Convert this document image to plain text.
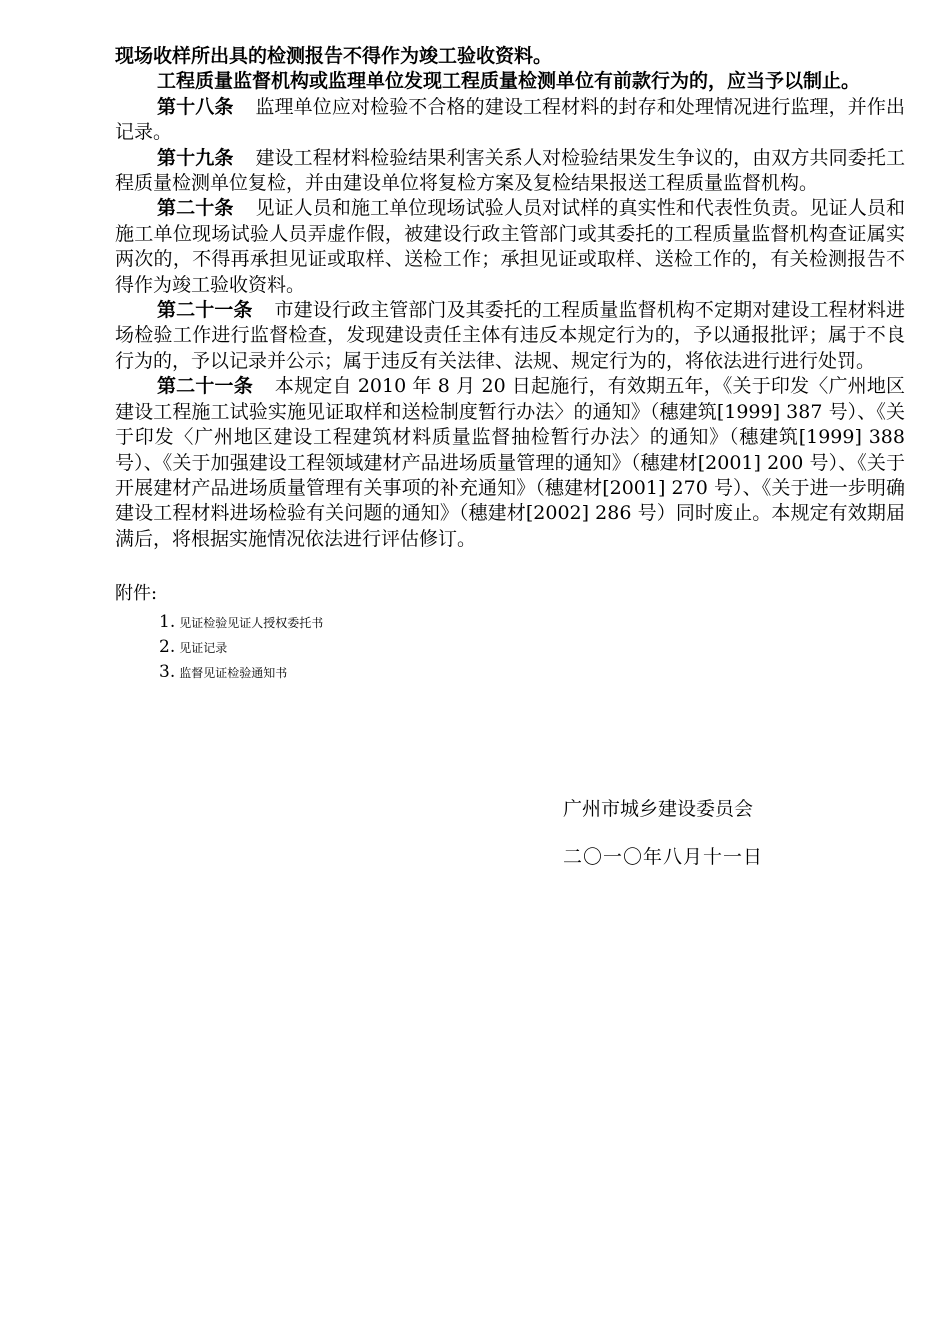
现场收样所出具的检测报告不得作为竣工验收资料。

工程质量监督机构或监理单位发现工程质量检测单位有前款行为的，应当予以制止。

第十八条 监理单位应对检验不合格的建设工程材料的封存和处理情况进行监理，并作出记录。

第十九条 建设工程材料检验结果利害关系人对检验结果发生争议的，由双方共同委托工程质量检测单位复检，并由建设单位将复检方案及复检结果报送工程质量监督机构。

第二十条 见证人员和施工单位现场试验人员对试样的真实性和代表性负责。见证人员和施工单位现场试验人员弄虚作假，被建设行政主管部门或其委托的工程质量监督机构查证属实两次的，不得再承担见证或取样、送检工作；承担见证或取样、送检工作的，有关检测报告不得作为竣工验收资料。

第二十一条 市建设行政主管部门及其委托的工程质量监督机构不定期对建设工程材料进场检验工作进行监督检查，发现建设责任主体有违反本规定行为的，予以通报批评；属于不良行为的，予以记录并公示；属于违反有关法律、法规、规定行为的，将依法进行进行处罚。

第二十一条 本规定自 2010 年 8 月 20 日起施行，有效期五年，《关于印发〈广州地区建设工程施工试验实施见证取样和送检制度暂行办法〉的通知》（穗建筑[1999] 387 号）、《关于印发〈广州地区建设工程建筑材料质量监督抽检暂行办法〉的通知》（穗建筑[1999] 388 号）、《关于加强建设工程领域建材产品进场质量管理的通知》（穗建材[2001] 200 号）、《关于开展建材产品进场质量管理有关事项的补充通知》（穗建材[2001] 270 号）、《关于进一步明确建设工程材料进场检验有关问题的通知》（穗建材[2002] 286 号）同时废止。本规定有效期届满后，将根据实施情况依法进行评估修订。

附件:
1. 见证检验见证人授权委托书
2. 见证记录
3. 监督见证检验通知书
广州市城乡建设委员会
二〇一〇年八月十一日
